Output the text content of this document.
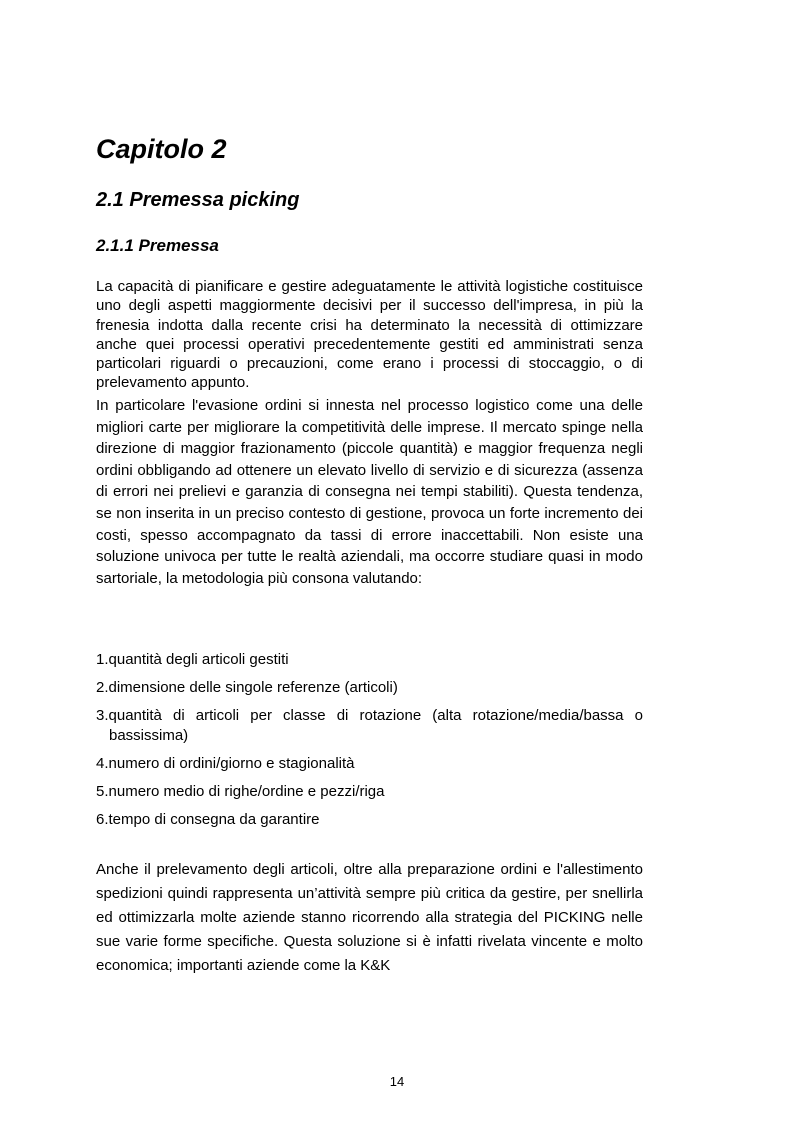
Capitolo 2
2.1 Premessa picking
2.1.1 Premessa

La capacità di pianificare e gestire adeguatamente le attività logistiche costituisce uno degli aspetti maggiormente decisivi per il successo dell'impresa, in più la frenesia indotta dalla recente crisi ha determinato la necessità di ottimizzare anche quei processi operativi precedentemente gestiti ed amministrati senza particolari riguardi o precauzioni, come erano i processi di stoccaggio, o di prelevamento appunto.

In particolare l'evasione ordini si innesta nel processo logistico come una delle migliori carte per migliorare la competitività delle imprese. Il mercato spinge nella direzione di maggior frazionamento (piccole quantità) e maggior frequenza negli ordini obbligando ad ottenere un elevato livello di servizio e di sicurezza (assenza di errori nei prelievi e garanzia di consegna nei tempi stabiliti). Questa tendenza, se non inserita in un preciso contesto di gestione, provoca un forte incremento dei costi, spesso accompagnato da tassi di errore inaccettabili. Non esiste una soluzione univoca per tutte le realtà aziendali, ma occorre studiare quasi in modo sartoriale, la metodologia più consona valutando:

1.quantità degli articoli gestiti
2.dimensione delle singole referenze (articoli)
3.quantità di articoli per classe di rotazione (alta rotazione/media/bassa o bassissima)
4.numero di ordini/giorno e stagionalità
5.numero medio di righe/ordine e pezzi/riga
6.tempo di consegna da garantire

Anche il prelevamento degli articoli, oltre alla preparazione ordini e l'allestimento spedizioni quindi rappresenta un’attività sempre più critica da gestire, per snellirla ed ottimizzarla molte aziende stanno ricorrendo alla strategia del PICKING nelle sue varie forme specifiche. Questa soluzione si è infatti rivelata vincente e molto economica; importanti aziende come la K&K

14
